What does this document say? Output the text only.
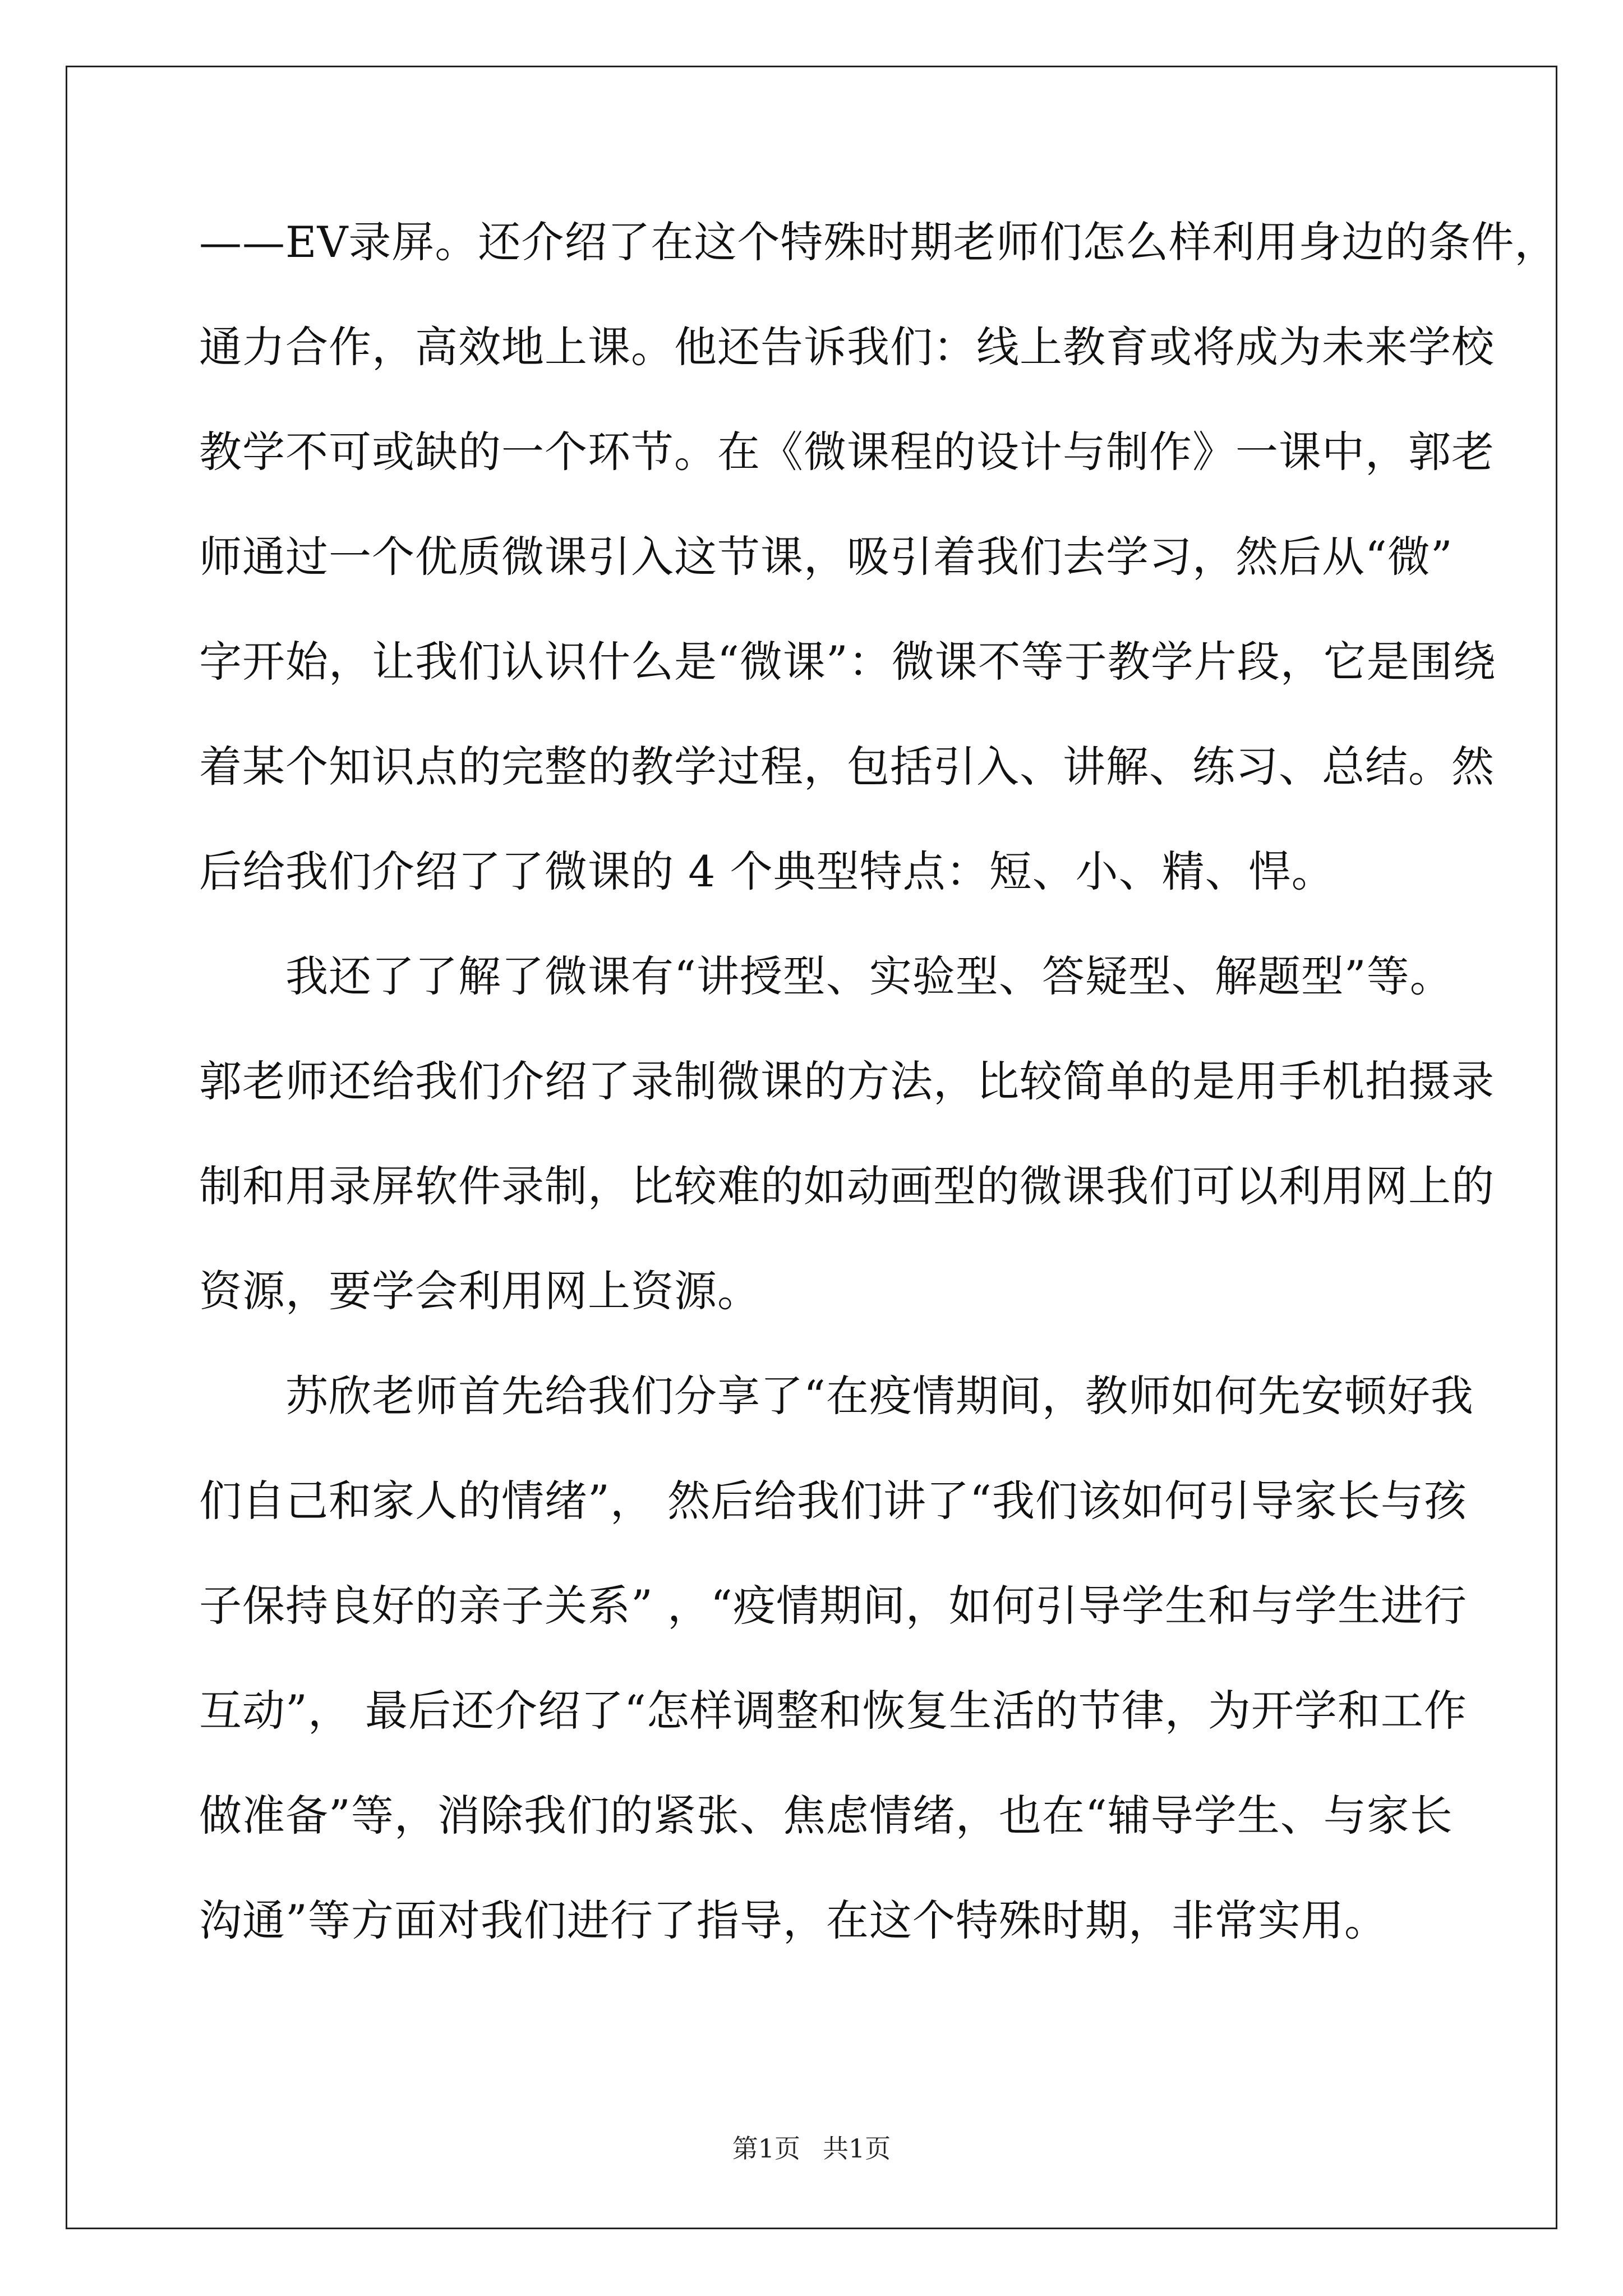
——EV录屏。还介绍了在这个特殊时期老师们怎么样利用身边的条件，
通力合作，高效地上课。他还告诉我们：线上教育或将成为未来学校
教学不可或缺的一个环节。在《微课程的设计与制作》一课中，郭老
师通过一个优质微课引入这节课，吸引着我们去学习，然后从“微”
字开始，让我们认识什么是“微课”：微课不等于教学片段，它是围绕
着某个知识点的完整的教学过程，包括引入、讲解、练习、总结。然
后给我们介绍了了微课的 4 个典型特点：短、小、精、悍。
　　我还了了解了微课有“讲授型、实验型、答疑型、解题型”等。
郭老师还给我们介绍了录制微课的方法，比较简单的是用手机拍摄录
制和用录屏软件录制，比较难的如动画型的微课我们可以利用网上的
资源，要学会利用网上资源。
　　苏欣老师首先给我们分享了“在疫情期间，教师如何先安顿好我
们自己和家人的情绪”， 然后给我们讲了“我们该如何引导家长与孩
子保持良好的亲子关系” ，“疫情期间，如何引导学生和与学生进行
互动”， 最后还介绍了“怎样调整和恢复生活的节律，为开学和工作
做准备”等，消除我们的紧张、焦虑情绪，也在“辅导学生、与家长
沟通”等方面对我们进行了指导，在这个特殊时期，非常实用。
第1页 共1页
